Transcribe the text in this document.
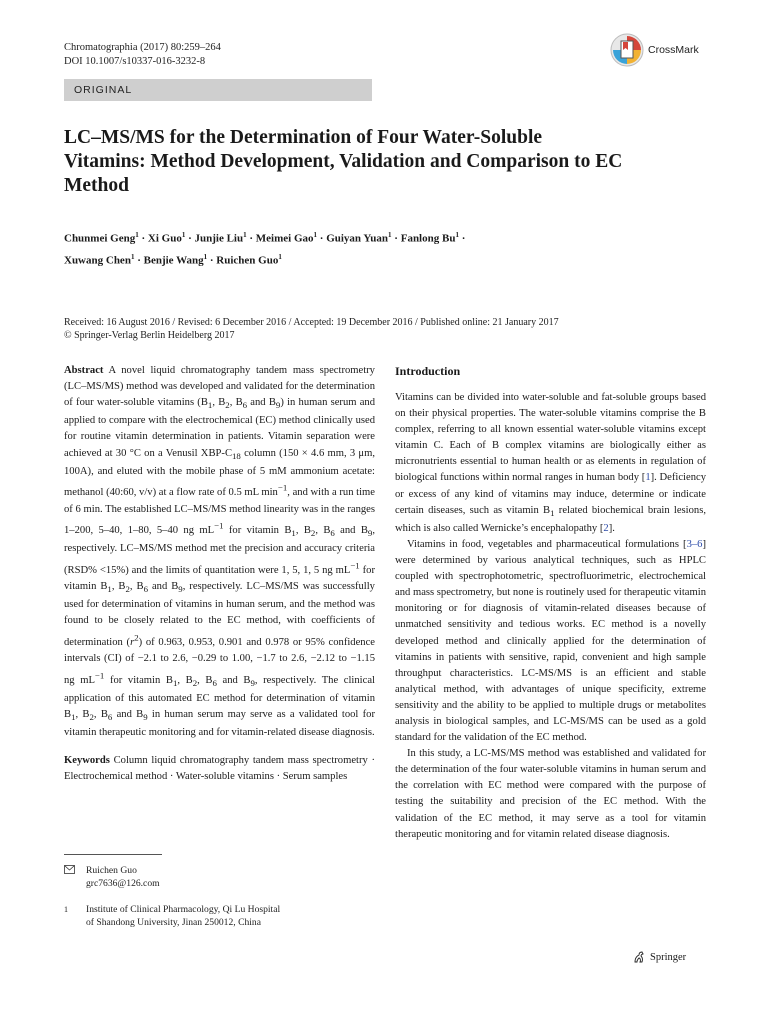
Chromatographia (2017) 80:259–264
DOI 10.1007/s10337-016-3232-8
CrossMark
ORIGINAL
LC–MS/MS for the Determination of Four Water-Soluble Vitamins: Method Development, Validation and Comparison to EC Method
Chunmei Geng$^1$ · Xi Guo$^1$ · Junjie Liu$^1$ · Meimei Gao$^1$ · Guiyan Yuan$^1$ · Fanlong $Bu^1$ ·
Xuwang Chen$^1$ · Benjie Wang$^1$ · Ruichen Guo$^1$
Received: 16 August 2016 / Revised: 6 December 2016 / Accepted: 19 December 2016 / Published online: 21 January 2017
© Springer-Verlag Berlin Heidelberg 2017

Abstract A novel liquid chromatography tandem mass spectrometry (LC–MS/MS) method was developed and validated for the determination of four water-soluble vitamins ($B_1$, $B_2$, $B_6$ and $B_9$) in human serum and applied to compare with the electrochemical (EC) method clinically used for routine vitamin determination in patients. Vitamin separation were achieved at 30 °C on a Venusil XBP-$C_{18}$ column (150 × 4.6 mm, 3 μm, 100A), and eluted with the mobile phase of 5 mM ammonium acetate: methanol (40:60, v/v) at a flow rate of 0.5 mL $\min^{-1}$, and with a run time of 6 min. The established LC–MS/MS method linearity was in the ranges 1–200, 5–40, 1–80, 5–40 ng $mL^{-1}$ for vitamin $B_1$, $B_2$, $B_6$ and $B_9$, respectively. LC–MS/MS method met the precision and accuracy criteria (RSD% <15%) and the limits of quantitation were 1, 5, 1, 5 ng $mL^{-1}$ for vitamin $B_1$, $B_2$, $B_6$ and $B_9$, respectively. LC–MS/MS was successfully used for determination of vitamins in human serum, and the method was found to be closely related to the EC method, with coefficients of determination $(r^2)$ of 0.963, 0.953, 0.901 and 0.978 or 95% confidence intervals (CI) of −2.1 to 2.6, −0.29 to 1.00, −1.7 to 2.6, −2.12 to −1.15 ng $mL^{-1}$ for vitamin $B_1$, $B_2$, $B_6$ and $B_9$, respectively. The clinical application of this automated EC method for determination of vitamin $B_1$, $B_2$, $B_6$ and $B_9$ in human serum may serve as a validated tool for vitamin therapeutic monitoring and for vitamin-related disease diagnosis.

Keywords Column liquid chromatography tandem mass spectrometry · Electrochemical method · Water-soluble vitamins · Serum samples

Ruichen Guo
grc7636@126.com
1	Institute of Clinical Pharmacology, Qi Lu Hospital
of Shandong University, Jinan 250012, China
Introduction

Vitamins can be divided into water-soluble and fat-soluble groups based on their physical properties. The water-soluble vitamins comprise the B complex, referring to all known essential water-soluble vitamins except vitamin C. Each of B complex vitamins are biologically either as micronutrients essential to human health or as elements in regulation of biological functions within normal ranges in human body [1]. Deficiency or excess of any kind of vitamins may induce, determine or indicate certain diseases, such as vitamin $B_1$ related biochemical brain lesions, which is also called Wernicke’s encephalopathy [2].

Vitamins in food, vegetables and pharmaceutical formulations [3–6] were determined by various analytical techniques, such as HPLC coupled with spectrophotometric, spectrofluorimetric, electrochemical and mass spectrometry, but none is routinely used for therapeutic vitamin monitoring or for diagnosis of vitamin-related diseases because of unmatched sensitivity and tedious works. EC method is a novelly developed method and clinically applied for the determination of vitamins in patients with sensitive, rapid, convenient and high sample throughput characteristics. LC-MS/MS is an efficient and stable analytical method, with advantages of unique specificity, extreme sensitivity and the ability to be applied to multiple drugs or metabolites analysis in biological samples, and LC-MS/MS can be used as a gold standard for the validation of the EC method.

In this study, a LC-MS/MS method was established and validated for the determination of the four water-soluble vitamins in human serum and the correlation with EC method were compared with the purpose of testing the suitability and precision of the EC method. With the validation of the EC method, it may serve as a tool for vitamin therapeutic monitoring and for vitamin related disease diagnosis.

Springer
